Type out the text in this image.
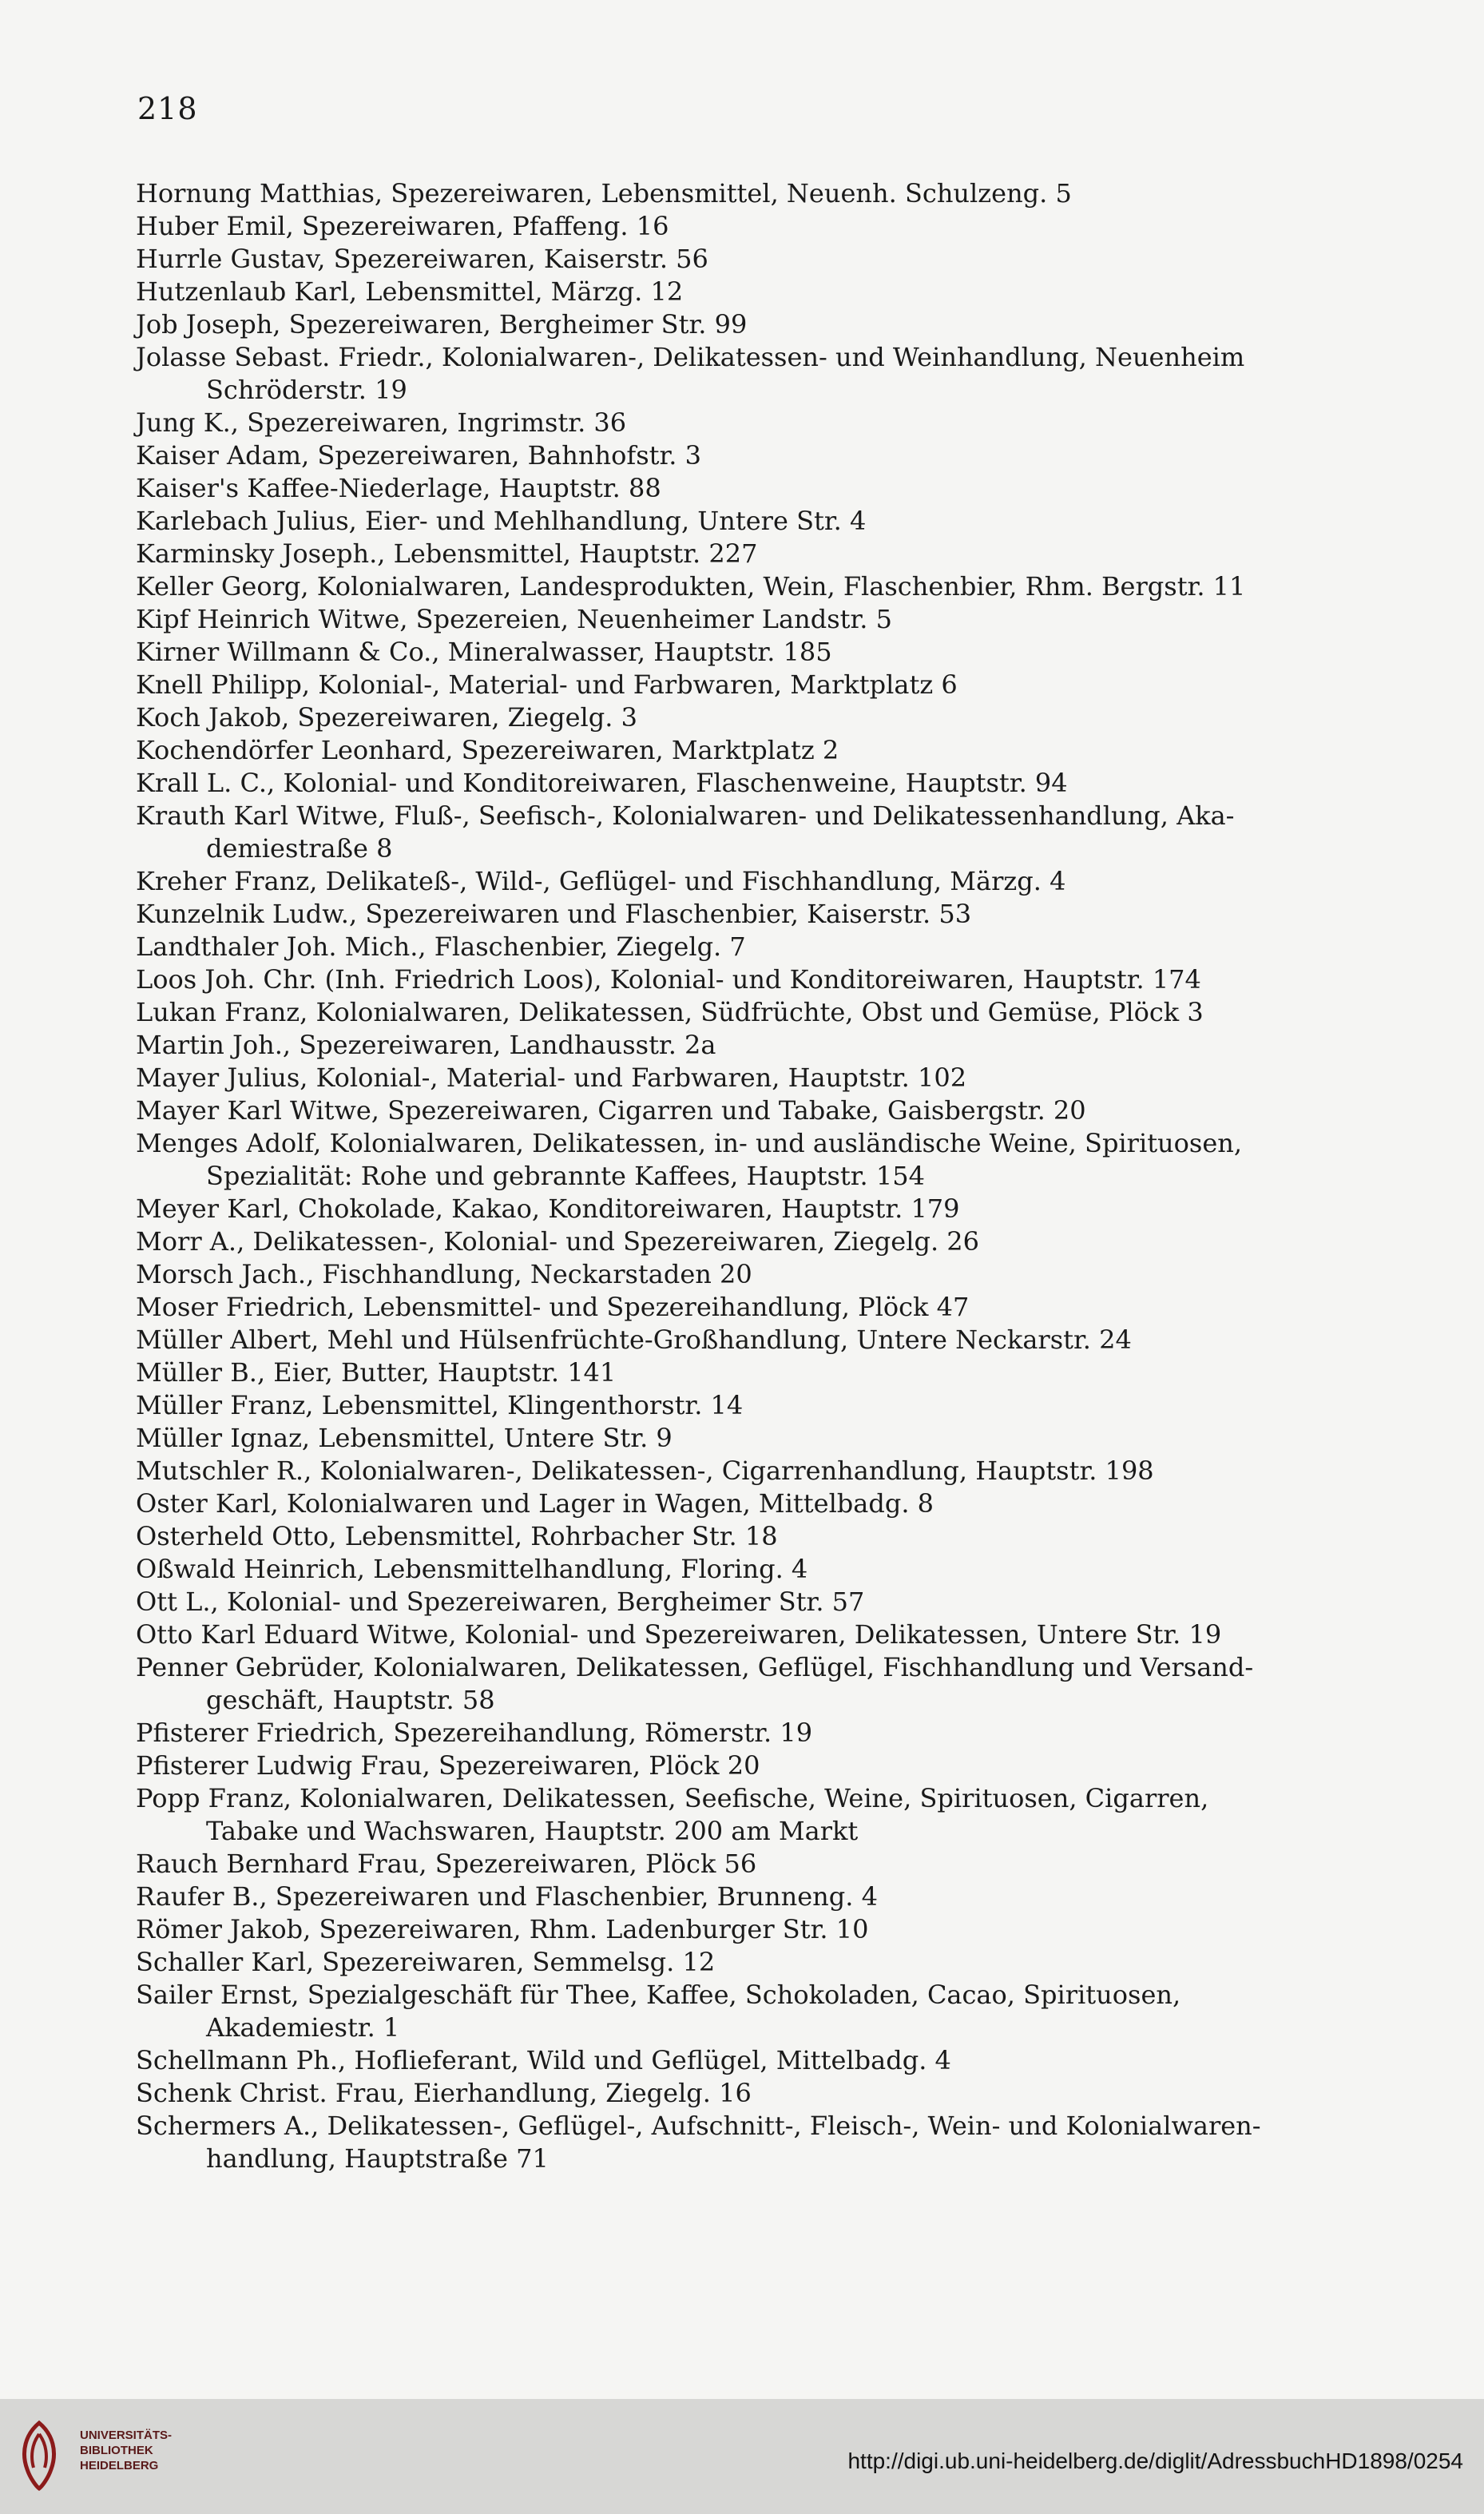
218
Hornung Matthias, Spezereiwaren, Lebensmittel, Neuenh. Schulzeng. 5
Huber Emil, Spezereiwaren, Pfaffeng. 16
Hurrle Gustav, Spezereiwaren, Kaiserstr. 56
Hutzenlaub Karl, Lebensmittel, Märzg. 12
Job Joseph, Spezereiwaren, Bergheimer Str. 99
Jolasse Sebast. Friedr., Kolonialwaren-, Delikatessen- und Weinhandlung, Neuenheim
Schröderstr. 19
Jung K., Spezereiwaren, Ingrimstr. 36
Kaiser Adam, Spezereiwaren, Bahnhofstr. 3
Kaiser's Kaffee-Niederlage, Hauptstr. 88
Karlebach Julius, Eier- und Mehlhandlung, Untere Str. 4
Karminsky Joseph., Lebensmittel, Hauptstr. 227
Keller Georg, Kolonialwaren, Landesprodukten, Wein, Flaschenbier, Rhm. Bergstr. 11
Kipf Heinrich Witwe, Spezereien, Neuenheimer Landstr. 5
Kirner Willmann & Co., Mineralwasser, Hauptstr. 185
Knell Philipp, Kolonial-, Material- und Farbwaren, Marktplatz 6
Koch Jakob, Spezereiwaren, Ziegelg. 3
Kochendörfer Leonhard, Spezereiwaren, Marktplatz 2
Krall L. C., Kolonial- und Konditoreiwaren, Flaschenweine, Hauptstr. 94
Krauth Karl Witwe, Fluß-, Seefisch-, Kolonialwaren- und Delikatessenhandlung, Aka-
demiestraße 8
Kreher Franz, Delikateß-, Wild-, Geflügel- und Fischhandlung, Märzg. 4
Kunzelnik Ludw., Spezereiwaren und Flaschenbier, Kaiserstr. 53
Landthaler Joh. Mich., Flaschenbier, Ziegelg. 7
Loos Joh. Chr. (Inh. Friedrich Loos), Kolonial- und Konditoreiwaren, Hauptstr. 174
Lukan Franz, Kolonialwaren, Delikatessen, Südfrüchte, Obst und Gemüse, Plöck 3
Martin Joh., Spezereiwaren, Landhausstr. 2a
Mayer Julius, Kolonial-, Material- und Farbwaren, Hauptstr. 102
Mayer Karl Witwe, Spezereiwaren, Cigarren und Tabake, Gaisbergstr. 20
Menges Adolf, Kolonialwaren, Delikatessen, in- und ausländische Weine, Spirituosen,
Spezialität: Rohe und gebrannte Kaffees, Hauptstr. 154
Meyer Karl, Chokolade, Kakao, Konditoreiwaren, Hauptstr. 179
Morr A., Delikatessen-, Kolonial- und Spezereiwaren, Ziegelg. 26
Morsch Jach., Fischhandlung, Neckarstaden 20
Moser Friedrich, Lebensmittel- und Spezereihandlung, Plöck 47
Müller Albert, Mehl und Hülsenfrüchte-Großhandlung, Untere Neckarstr. 24
Müller B., Eier, Butter, Hauptstr. 141
Müller Franz, Lebensmittel, Klingenthorstr. 14
Müller Ignaz, Lebensmittel, Untere Str. 9
Mutschler R., Kolonialwaren-, Delikatessen-, Cigarrenhandlung, Hauptstr. 198
Oster Karl, Kolonialwaren und Lager in Wagen, Mittelbadg. 8
Osterheld Otto, Lebensmittel, Rohrbacher Str. 18
Oßwald Heinrich, Lebensmittelhandlung, Floring. 4
Ott L., Kolonial- und Spezereiwaren, Bergheimer Str. 57
Otto Karl Eduard Witwe, Kolonial- und Spezereiwaren, Delikatessen, Untere Str. 19
Penner Gebrüder, Kolonialwaren, Delikatessen, Geflügel, Fischhandlung und Versand-
geschäft, Hauptstr. 58
Pfisterer Friedrich, Spezereihandlung, Römerstr. 19
Pfisterer Ludwig Frau, Spezereiwaren, Plöck 20
Popp Franz, Kolonialwaren, Delikatessen, Seefische, Weine, Spirituosen, Cigarren,
Tabake und Wachswaren, Hauptstr. 200 am Markt
Rauch Bernhard Frau, Spezereiwaren, Plöck 56
Raufer B., Spezereiwaren und Flaschenbier, Brunneng. 4
Römer Jakob, Spezereiwaren, Rhm. Ladenburger Str. 10
Schaller Karl, Spezereiwaren, Semmelsg. 12
Sailer Ernst, Spezialgeschäft für Thee, Kaffee, Schokoladen, Cacao, Spirituosen,
Akademiestr. 1
Schellmann Ph., Hoflieferant, Wild und Geflügel, Mittelbadg. 4
Schenk Christ. Frau, Eierhandlung, Ziegelg. 16
Schermers A., Delikatessen-, Geflügel-, Aufschnitt-, Fleisch-, Wein- und Kolonialwaren-
handlung, Hauptstraße 71
UNIVERSITÄTS-
BIBLIOTHEK
HEIDELBERG	http://digi.ub.uni-heidelberg.de/diglit/AdressbuchHD1898/0254
